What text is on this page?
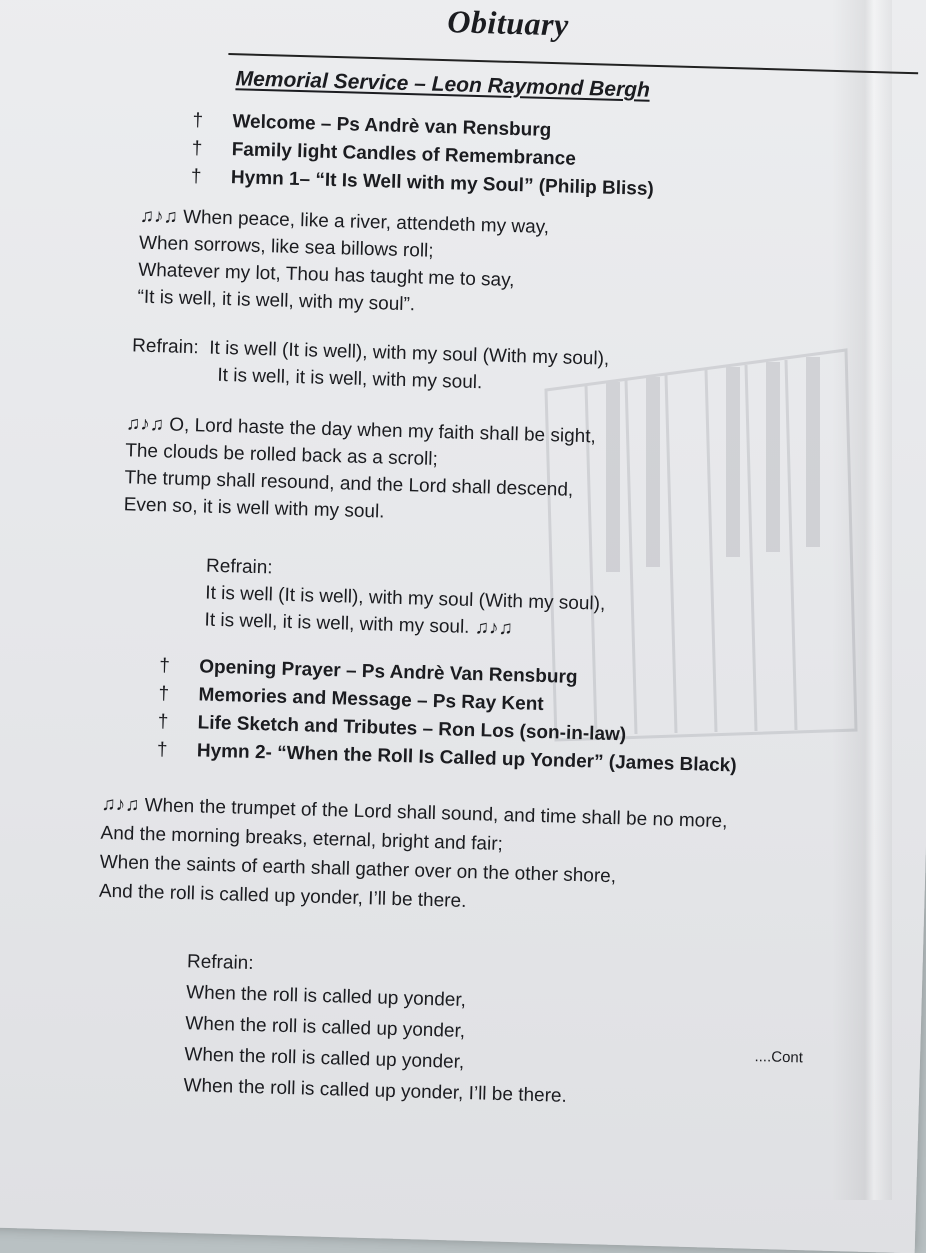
Obituary
Memorial Service – Leon Raymond Bergh
† Welcome – Ps Andrè van Rensburg
† Family light Candles of Remembrance
† Hymn 1– “It Is Well with my Soul” (Philip Bliss)
♫♪♫ When peace, like a river, attendeth my way,
When sorrows, like sea billows roll;
Whatever my lot, Thou has taught me to say,
“It is well, it is well, with my soul”.
Refrain: It is well (It is well), with my soul (With my soul),
It is well, it is well, with my soul.
♫♪♫ O, Lord haste the day when my faith shall be sight,
The clouds be rolled back as a scroll;
The trump shall resound, and the Lord shall descend,
Even so, it is well with my soul.
Refrain:
It is well (It is well), with my soul (With my soul),
It is well, it is well, with my soul. ♫♪♫
† Opening Prayer – Ps Andrè Van Rensburg
† Memories and Message – Ps Ray Kent
† Life Sketch and Tributes – Ron Los (son-in-law)
† Hymn 2- “When the Roll Is Called up Yonder” (James Black)
♫♪♫ When the trumpet of the Lord shall sound, and time shall be no more,
And the morning breaks, eternal, bright and fair;
When the saints of earth shall gather over on the other shore,
And the roll is called up yonder, I’ll be there.
Refrain:
When the roll is called up yonder,
When the roll is called up yonder,
When the roll is called up yonder,
When the roll is called up yonder, I’ll be there.
....Cont
